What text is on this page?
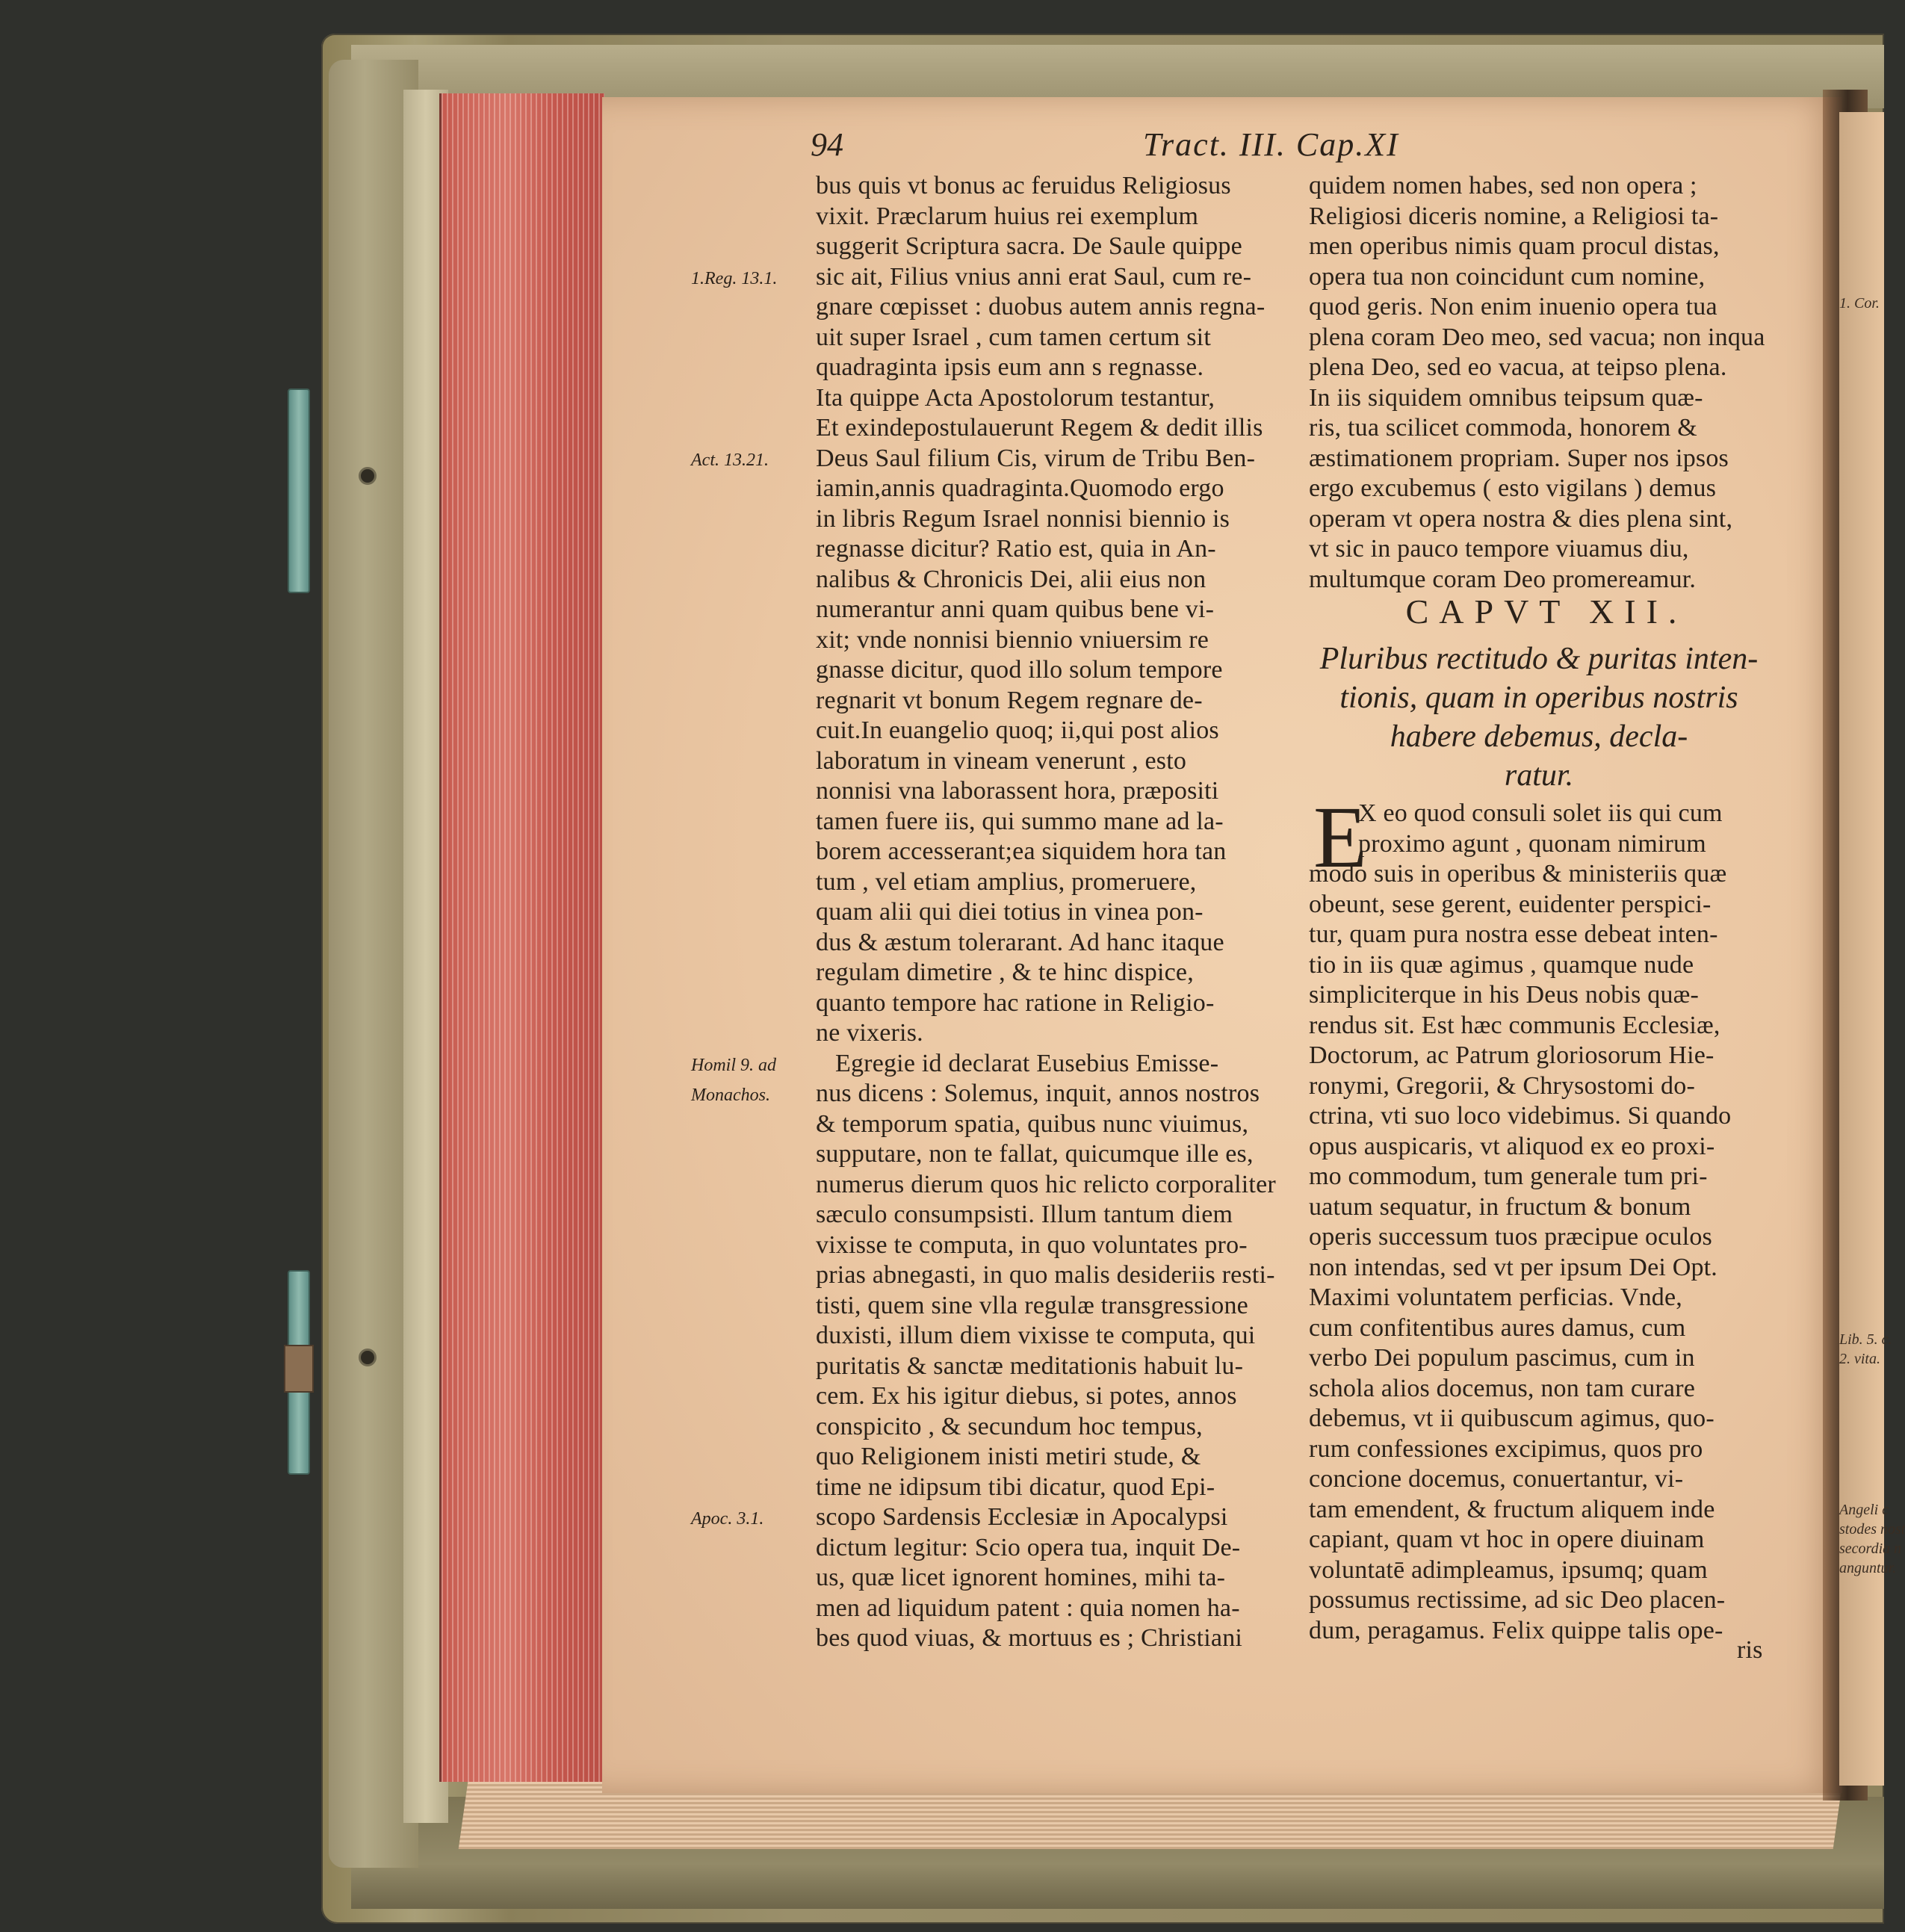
94	Tract. III. Cap.XI
1.Reg. 13.1.
Act. 13.21.
Homil 9. ad
Monachos.
Apoc. 3.1.
bus quis vt bonus ac feruidus Religiosus
vixit. Præclarum huius rei exemplum
suggerit Scriptura sacra. De Saule quippe
sic ait, Filius vnius anni erat Saul, cum re-
gnare cœpisset : duobus autem annis regna-
uit super Israel , cum tamen certum sit
quadraginta ipsis eum ann s regnasse.
Ita quippe Acta Apostolorum testantur,
Et exindepostulauerunt Regem & dedit illis
Deus Saul filium Cis, virum de Tribu Ben-
iamin,annis quadraginta.Quomodo ergo
in libris Regum Israel nonnisi biennio is
regnasse dicitur? Ratio est, quia in An-
nalibus & Chronicis Dei, alii eius non
numerantur anni quam quibus bene vi-
xit; vnde nonnisi biennio vniuersim re
gnasse dicitur, quod illo solum tempore
regnarit vt bonum Regem regnare de-
cuit.In euangelio quoq; ii,qui post alios
laboratum in vineam venerunt , esto
nonnisi vna laborassent hora, præpositi
tamen fuere iis, qui summo mane ad la-
borem accesserant;ea siquidem hora tan
tum , vel etiam amplius, promeruere,
quam alii qui diei totius in vinea pon-
dus & æstum tolerarant. Ad hanc itaque
regulam dimetire , & te hinc dispice,
quanto tempore hac ratione in Religio-
ne vixeris.
Egregie id declarat Eusebius Emisse-
nus dicens : Solemus, inquit, annos nostros
& temporum spatia, quibus nunc viuimus,
supputare, non te fallat, quicumque ille es,
numerus dierum quos hic relicto corporaliter
sæculo consumpsisti. Illum tantum diem
vixisse te computa, in quo voluntates pro-
prias abnegasti, in quo malis desideriis resti-
tisti, quem sine vlla regulæ transgressione
duxisti, illum diem vixisse te computa, qui
puritatis & sanctæ meditationis habuit lu-
cem. Ex his igitur diebus, si potes, annos
conspicito , & secundum hoc tempus,
quo Religionem inisti metiri stude, &
time ne idipsum tibi dicatur, quod Epi-
scopo Sardensis Ecclesiæ in Apocalypsi
dictum legitur: Scio opera tua, inquit De-
us, quæ licet ignorent homines, mihi ta-
men ad liquidum patent : quia nomen ha-
bes quod viuas, & mortuus es ; Christiani
quidem nomen habes, sed non opera ;
Religiosi diceris nomine, a Religiosi ta-
men operibus nimis quam procul distas,
opera tua non coincidunt cum nomine,
quod geris. Non enim inuenio opera tua
plena coram Deo meo, sed vacua; non inqua
plena Deo, sed eo vacua, at teipso plena.
In iis siquidem omnibus teipsum quæ-
ris, tua scilicet commoda, honorem &
æstimationem propriam. Super nos ipsos
ergo excubemus ( esto vigilans ) demus
operam vt opera nostra & dies plena sint,
vt sic in pauco tempore viuamus diu,
multumque coram Deo promereamur.
CAPVT XII.
Pluribus rectitudo & puritas inten-
tionis, quam in operibus nostris
habere debemus, decla-
ratur.
E
X eo quod consuli solet iis qui cum
proximo agunt , quonam nimirum
modo suis in operibus & ministeriis quæ
obeunt, sese gerent, euidenter perspici-
tur, quam pura nostra esse debeat inten-
tio in iis quæ agimus , quamque nude
simpliciterque in his Deus nobis quæ-
rendus sit. Est hæc communis Ecclesiæ,
Doctorum, ac Patrum gloriosorum Hie-
ronymi, Gregorii, & Chrysostomi do-
ctrina, vti suo loco videbimus. Si quando
opus auspicaris, vt aliquod ex eo proxi-
mo commodum, tum generale tum pri-
uatum sequatur, in fructum & bonum
operis successum tuos præcipue oculos
non intendas, sed vt per ipsum Dei Opt.
Maximi voluntatem perficias. Vnde,
cum confitentibus aures damus, cum
verbo Dei populum pascimus, cum in
schola alios docemus, non tam curare
debemus, vt ii quibuscum agimus, quo-
rum confessiones excipimus, quos pro
concione docemus, conuertantur, vi-
tam emendent, & fructum aliquem inde
capiant, quam vt hoc in opere diuinam
voluntatē adimpleamus, ipsumq; quam
possumus rectissime, ad sic Deo placen-
dum, peragamus. Felix quippe talis ope-
ris
1. Cor.
Lib. 5. c.
2. vita.
Angeli c
stodes nost
secordia n
anguntur.
